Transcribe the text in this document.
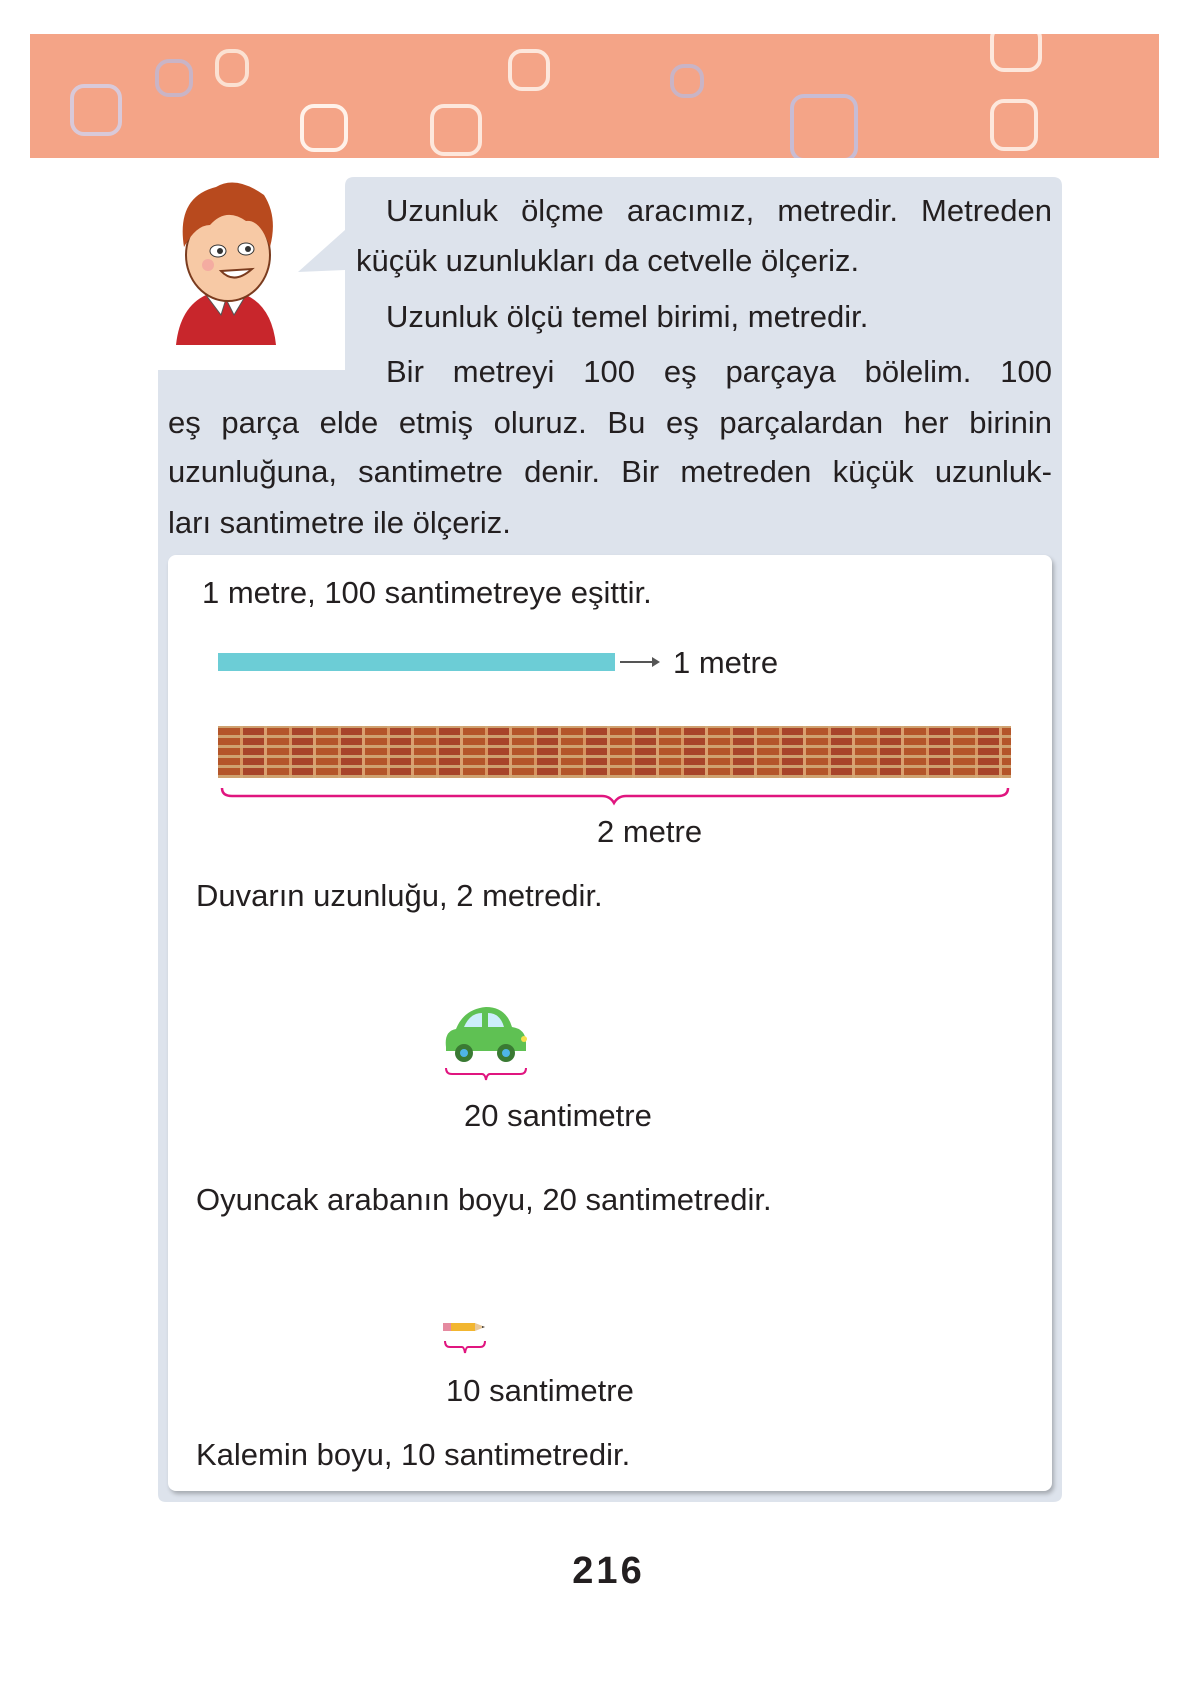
Uzunluk ölçme aracımız, metredir. Metreden
küçük uzunlukları da cetvelle ölçeriz.
Uzunluk ölçü temel birimi, metredir.
Bir metreyi 100 eş parçaya bölelim. 100
eş parça elde etmiş oluruz. Bu eş parçalardan her birinin
uzunluğuna, santimetre denir. Bir metreden küçük uzunluk-
ları santimetre ile ölçeriz.
1 metre, 100 santimetreye eşittir.
1 metre
2 metre
Duvarın uzunluğu, 2 metredir.
20 santimetre
Oyuncak arabanın boyu, 20 santimetredir.
10 santimetre
Kalemin boyu, 10 santimetredir.
216
